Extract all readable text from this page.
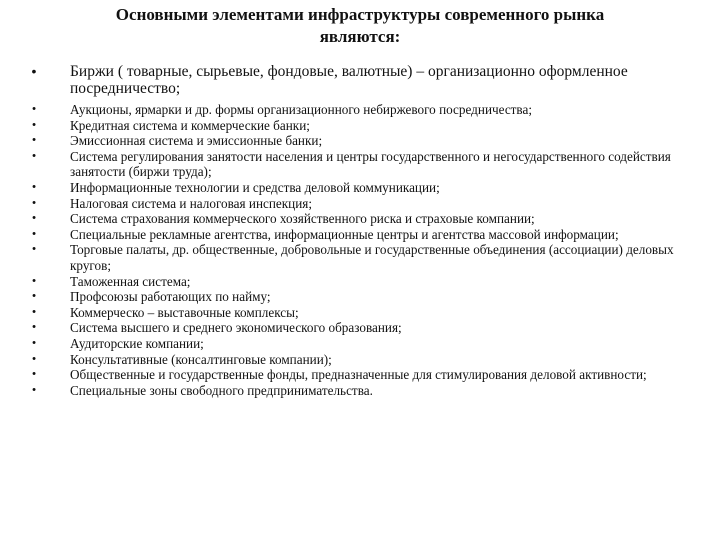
Основными элементами инфраструктуры современного рынка
являются:
• Биржи ( товарные, сырьевые, фондовые, валютные) – организационно оформленное посредничество;
•	Аукционы, ярмарки и др. формы организационного небиржевого посредничества;
•	Кредитная система и коммерческие банки;
•	Эмиссионная система и эмиссионные банки;
•	Система регулирования занятости населения и центры государственного и негосударственного содействия занятости (биржи труда);
•	Информационные технологии и средства деловой коммуникации;
•	Налоговая система и налоговая инспекция;
•	Система страхования коммерческого хозяйственного риска и страховые компании;
•	Специальные рекламные агентства, информационные центры и агентства массовой информации;
•	Торговые палаты, др. общественные, добровольные и государственные объединения (ассоциации) деловых кругов;
•	Таможенная система;
•	Профсоюзы работающих по найму;
•	Коммерческо – выставочные комплексы;
•	Система высшего и среднего экономического образования;
•	Аудиторские компании;
•	Консультативные (консалтинговые компании);
•	Общественные и государственные фонды, предназначенные для стимулирования деловой активности;
•	Специальные зоны свободного предпринимательства.
